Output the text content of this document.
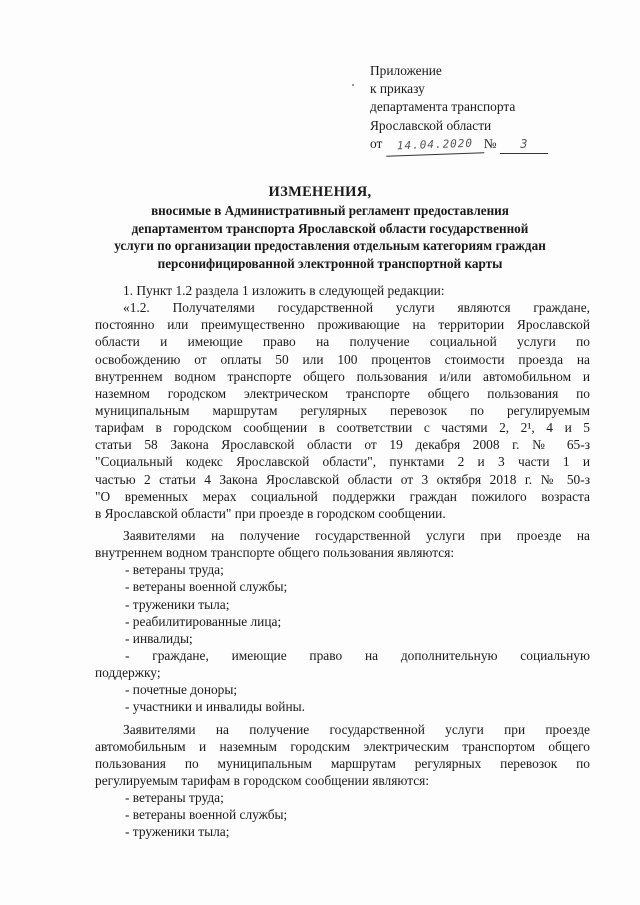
Приложение
к приказу
департамента транспорта
Ярославской области
от 14.04.2020 № 3
ИЗМЕНЕНИЯ,
вносимые в Административный регламент предоставления
департаментом транспорта Ярославской области государственной
услуги по организации предоставления отдельным категориям граждан
персонифицированной электронной транспортной карты
1. Пункт 1.2 раздела 1 изложить в следующей редакции:
«1.2. Получателями государственной услуги являются граждане,
постоянно или преимущественно проживающие на территории Ярославской
области и имеющие право на получение социальной услуги по
освобождению от оплаты 50 или 100 процентов стоимости проезда на
внутреннем водном транспорте общего пользования и/или автомобильном и
наземном городском электрическом транспорте общего пользования по
муниципальным маршрутам регулярных перевозок по регулируемым
тарифам в городском сообщении в соответствии с частями 2, 2¹, 4 и 5
статьи 58 Закона Ярославской области от 19 декабря 2008 г. № 65-з
"Социальный кодекс Ярославской области", пунктами 2 и 3 части 1 и
частью 2 статьи 4 Закона Ярославской области от 3 октября 2018 г. № 50-з
"О временных мерах социальной поддержки граждан пожилого возраста
в Ярославской области" при проезде в городском сообщении.
Заявителями на получение государственной услуги при проезде на
внутреннем водном транспорте общего пользования являются:
- ветераны труда;
- ветераны военной службы;
- труженики тыла;
- реабилитированные лица;
- инвалиды;
- граждане, имеющие право на дополнительную социальную
поддержку;
- почетные доноры;
- участники и инвалиды войны.
Заявителями на получение государственной услуги при проезде
автомобильным и наземным городским электрическим транспортом общего
пользования по муниципальным маршрутам регулярных перевозок по
регулируемым тарифам в городском сообщении являются:
- ветераны труда;
- ветераны военной службы;
- труженики тыла;
